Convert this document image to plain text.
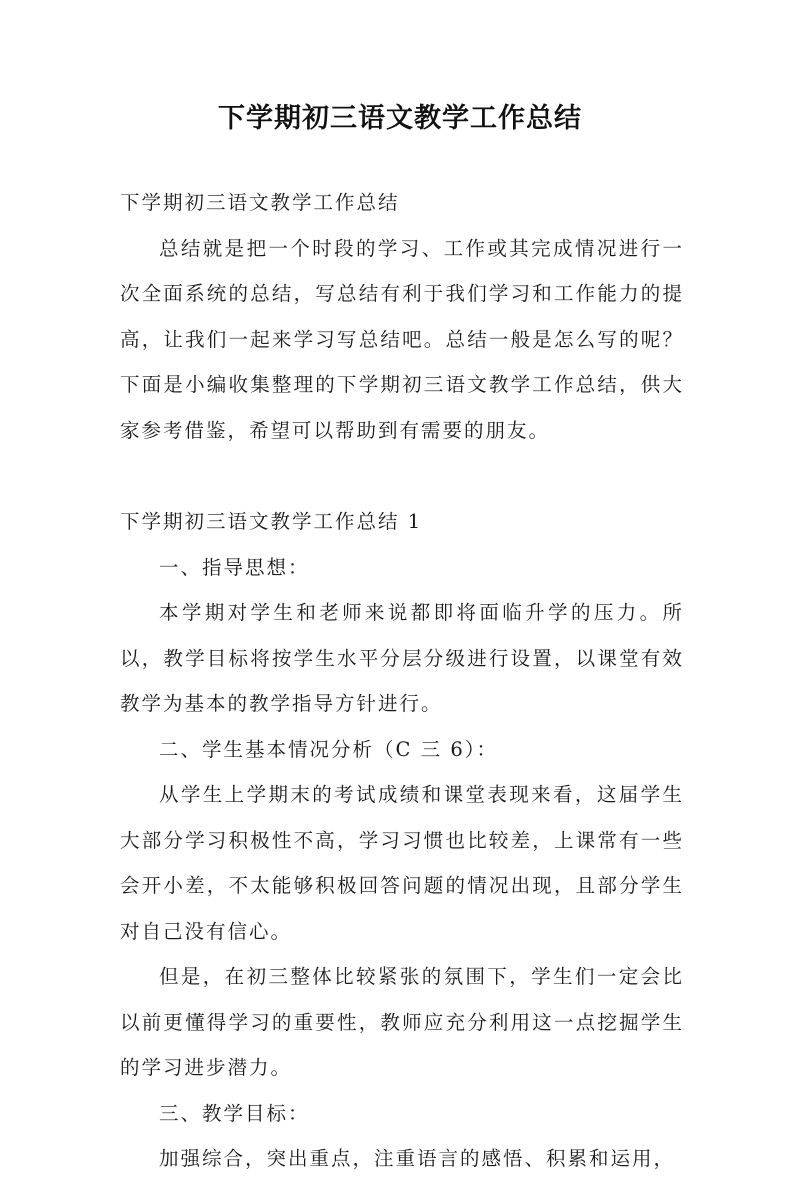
下学期初三语文教学工作总结

下学期初三语文教学工作总结

总结就是把一个时段的学习、工作或其完成情况进行一次全面系统的总结，写总结有利于我们学习和工作能力的提高，让我们一起来学习写总结吧。总结一般是怎么写的呢？下面是小编收集整理的下学期初三语文教学工作总结，供大家参考借鉴，希望可以帮助到有需要的朋友。

下学期初三语文教学工作总结 1

一、指导思想：

本学期对学生和老师来说都即将面临升学的压力。所以，教学目标将按学生水平分层分级进行设置，以课堂有效教学为基本的教学指导方针进行。

二、学生基本情况分析（C 三 6）：

从学生上学期末的考试成绩和课堂表现来看，这届学生大部分学习积极性不高，学习习惯也比较差，上课常有一些会开小差，不太能够积极回答问题的情况出现，且部分学生对自己没有信心。

但是，在初三整体比较紧张的氛围下，学生们一定会比以前更懂得学习的重要性，教师应充分利用这一点挖掘学生的学习进步潜力。

三、教学目标：

加强综合，突出重点，注重语言的感悟、积累和运用，
